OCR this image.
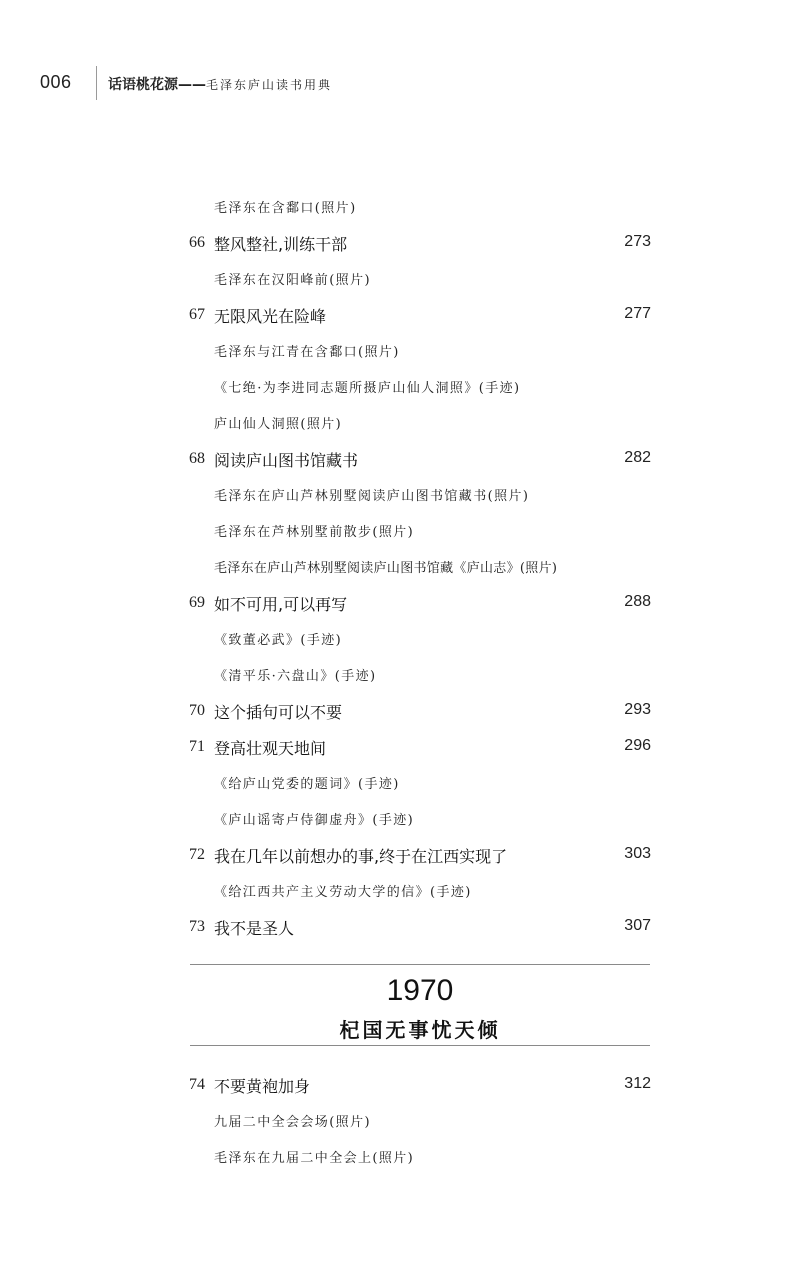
006	话语桃花源——毛泽东庐山读书用典
毛泽东在含鄱口(照片)
66 整风整社,训练干部	273
毛泽东在汉阳峰前(照片)
67 无限风光在险峰	277
毛泽东与江青在含鄱口(照片)
《七绝·为李进同志题所摄庐山仙人洞照》(手迹)
庐山仙人洞照(照片)
68 阅读庐山图书馆藏书	282
毛泽东在庐山芦林别墅阅读庐山图书馆藏书(照片)
毛泽东在芦林别墅前散步(照片)
毛泽东在庐山芦林别墅阅读庐山图书馆藏《庐山志》(照片)
69 如不可用,可以再写	288
《致董必武》(手迹)
《清平乐·六盘山》(手迹)
70 这个插句可以不要	293
71 登高壮观天地间	296
《给庐山党委的题词》(手迹)
《庐山谣寄卢侍御虚舟》(手迹)
72 我在几年以前想办的事,终于在江西实现了	303
《给江西共产主义劳动大学的信》(手迹)
73 我不是圣人	307
1970
杞国无事忧天倾
74 不要黄袍加身	312
九届二中全会会场(照片)
毛泽东在九届二中全会上(照片)
